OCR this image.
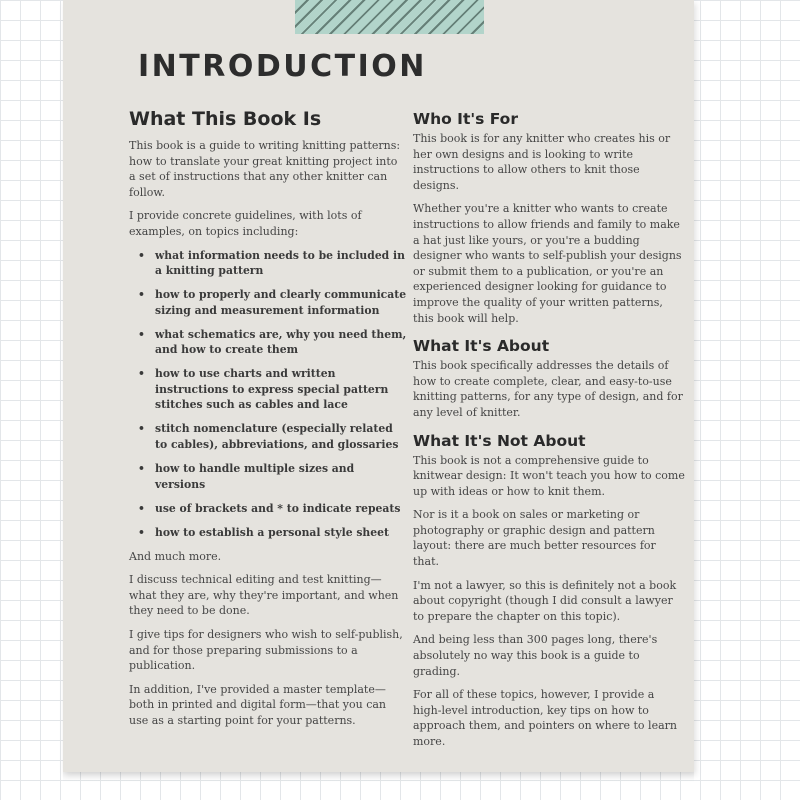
INTRODUCTION
What This Book Is

This book is a guide to writing knitting patterns: how to translate your great knitting project into a set of instructions that any other knitter can follow.

I provide concrete guidelines, with lots of examples, on topics including:

• what information needs to be included in a knitting pattern
• how to properly and clearly communicate sizing and measurement information
• what schematics are, why you need them, and how to create them
• how to use charts and written instructions to express special pattern stitches such as cables and lace
• stitch nomenclature (especially related to cables), abbreviations, and glossaries
• how to handle multiple sizes and versions
• use of brackets and * to indicate repeats
• how to establish a personal style sheet

And much more.

I discuss technical editing and test knitting—what they are, why they're important, and when they need to be done.

I give tips for designers who wish to self-publish, and for those preparing submissions to a publication.

In addition, I've provided a master template—both in printed and digital form—that you can use as a starting point for your patterns.

Who It's For

This book is for any knitter who creates his or her own designs and is looking to write instructions to allow others to knit those designs.

Whether you're a knitter who wants to create instructions to allow friends and family to make a hat just like yours, or you're a budding designer who wants to self-publish your designs or submit them to a publication, or you're an experienced designer looking for guidance to improve the quality of your written patterns, this book will help.

What It's About

This book specifically addresses the details of how to create complete, clear, and easy-to-use knitting patterns, for any type of design, and for any level of knitter.

What It's Not About

This book is not a comprehensive guide to knitwear design: It won't teach you how to come up with ideas or how to knit them.

Nor is it a book on sales or marketing or photography or graphic design and pattern layout: there are much better resources for that.

I'm not a lawyer, so this is definitely not a book about copyright (though I did consult a lawyer to prepare the chapter on this topic).

And being less than 300 pages long, there's absolutely no way this book is a guide to grading.

For all of these topics, however, I provide a high-level introduction, key tips on how to approach them, and pointers on where to learn more.
